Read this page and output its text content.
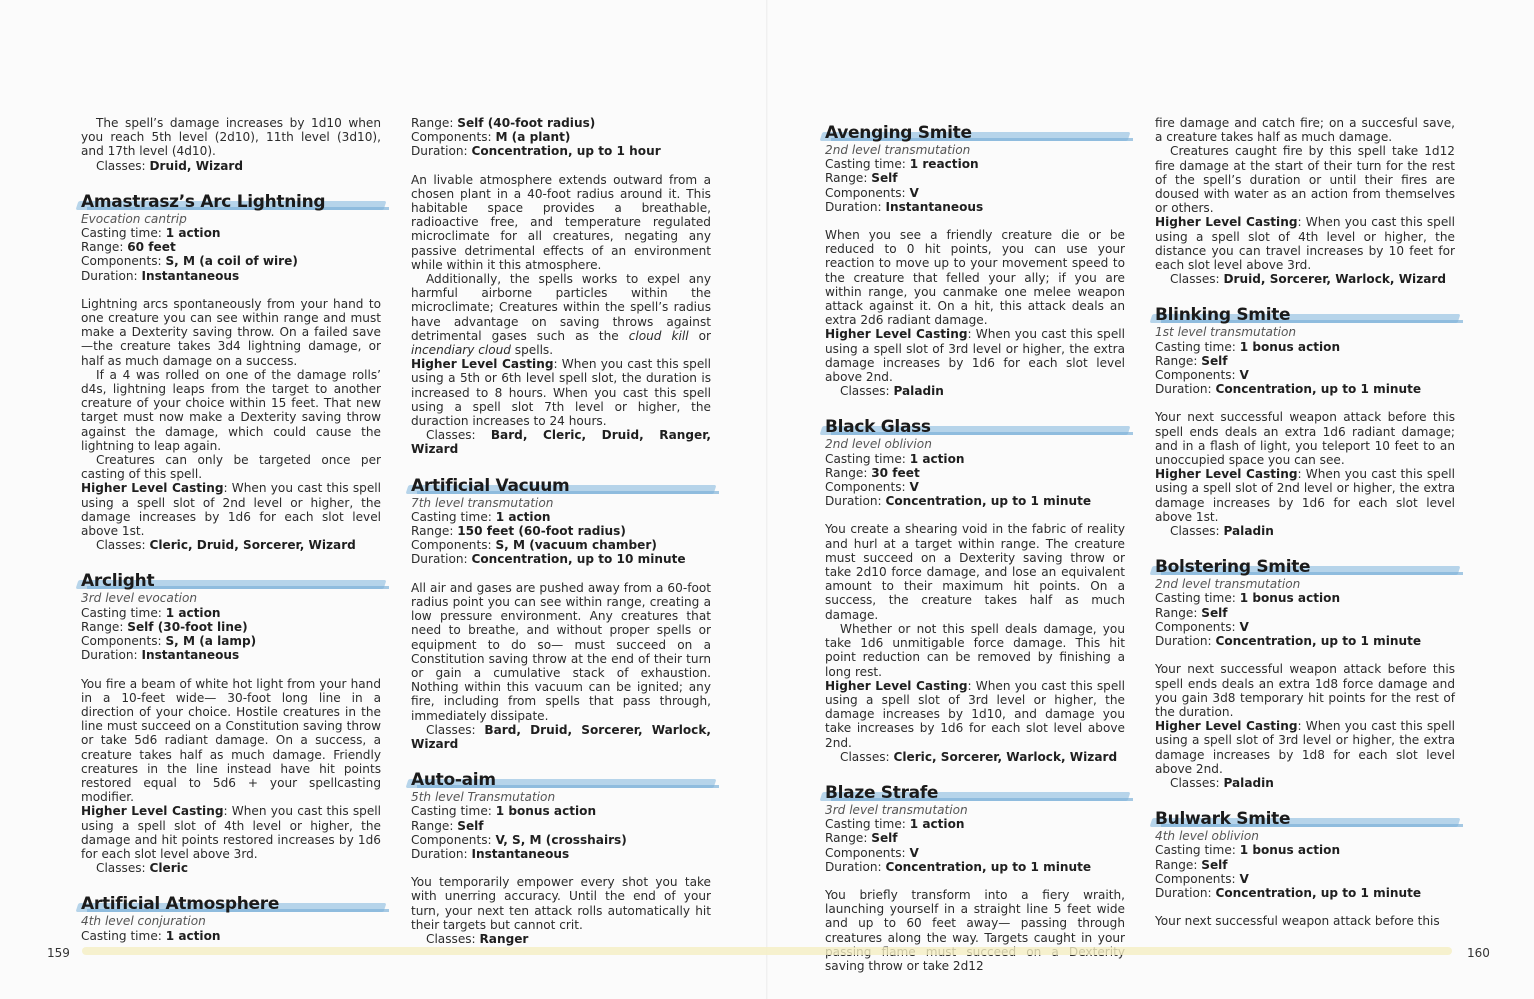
The spell’s damage increases by 1d10 when you reach 5th level (2d10), 11th level (3d10), and 17th level (4d10).

Classes: Druid, Wizard

Amastrasz’s Arc Lightning

Evocation cantrip

Casting time: 1 action

Range: 60 feet

Components: S, M (a coil of wire)

Duration: Instantaneous

Lightning arcs spontaneously from your hand to one creature you can see within range and must make a Dexterity saving throw. On a failed save—the creature takes 3d4 lightning damage, or half as much damage on a success.

If a 4 was rolled on one of the damage rolls’ d4s, lightning leaps from the target to another creature of your choice within 15 feet. That new target must now make a Dexterity saving throw against the damage, which could cause the lightning to leap again.

Creatures can only be targeted once per casting of this spell.

Higher Level Casting: When you cast this spell using a spell slot of 2nd level or higher, the damage increases by 1d6 for each slot level above 1st.

Classes: Cleric, Druid, Sorcerer, Wizard

Arclight

3rd level evocation

Casting time: 1 action

Range: Self (30-foot line)

Components: S, M (a lamp)

Duration: Instantaneous

You fire a beam of white hot light from your hand in a 10-feet wide— 30-foot long line in a direction of your choice. Hostile creatures in the line must succeed on a Constitution saving throw or take 5d6 radiant damage. On a success, a creature takes half as much damage. Friendly creatures in the line instead have hit points restored equal to 5d6 + your spellcasting modifier.

Higher Level Casting: When you cast this spell using a spell slot of 4th level or higher, the damage and hit points restored increases by 1d6 for each slot level above 3rd.

Classes: Cleric

Artificial Atmosphere

4th level conjuration

Casting time: 1 action

Range: Self (40-foot radius)

Components: M (a plant)

Duration: Concentration, up to 1 hour

An livable atmosphere extends outward from a chosen plant in a 40-foot radius around it. This habitable space provides a breathable, radioactive free, and temperature regulated microclimate for all creatures, negating any passive detrimental effects of an environment while within it this atmosphere.

Additionally, the spells works to expel any harmful airborne particles within the microclimate; Creatures within the spell’s radius have advantage on saving throws against detrimental gases such as the cloud kill or incendiary cloud spells.

Higher Level Casting: When you cast this spell using a 5th or 6th level spell slot, the duration is increased to 8 hours. When you cast this spell using a spell slot 7th level or higher, the duraction increases to 24 hours.

Classes: Bard, Cleric, Druid, Ranger, Wizard

Artificial Vacuum

7th level transmutation

Casting time: 1 action

Range: 150 feet (60-foot radius)

Components: S, M (vacuum chamber)

Duration: Concentration, up to 10 minute

All air and gases are pushed away from a 60-foot radius point you can see within range, creating a low pressure environment. Any creatures that need to breathe, and without proper spells or equipment to do so— must succeed on a Constitution saving throw at the end of their turn or gain a cumulative stack of exhaustion. Nothing within this vacuum can be ignited; any fire, including from spells that pass through, immediately dissipate.

Classes: Bard, Druid, Sorcerer, Warlock, Wizard

Auto-aim

5th level Transmutation

Casting time: 1 bonus action

Range: Self

Components: V, S, M (crosshairs)

Duration: Instantaneous

You temporarily empower every shot you take with unerring accuracy. Until the end of your turn, your next ten attack rolls automatically hit their targets but cannot crit.

Classes: Ranger

Avenging Smite

2nd level transmutation

Casting time: 1 reaction

Range: Self

Components: V

Duration: Instantaneous

When you see a friendly creature die or be reduced to 0 hit points, you can use your reaction to move up to your movement speed to the creature that felled your ally; if you are within range, you canmake one melee weapon attack against it. On a hit, this attack deals an extra 2d6 radiant damage.

Higher Level Casting: When you cast this spell using a spell slot of 3rd level or higher, the extra damage increases by 1d6 for each slot level above 2nd.

Classes: Paladin

Black Glass

2nd level oblivion

Casting time: 1 action

Range: 30 feet

Components: V

Duration: Concentration, up to 1 minute

You create a shearing void in the fabric of reality and hurl at a target within range. The creature must succeed on a Dexterity saving throw or take 2d10 force damage, and lose an equivalent amount to their maximum hit points. On a success, the creature takes half as much damage.

Whether or not this spell deals damage, you take 1d6 unmitigable force damage. This hit point reduction can be removed by finishing a long rest.

Higher Level Casting: When you cast this spell using a spell slot of 3rd level or higher, the damage increases by 1d10, and damage you take increases by 1d6 for each slot level above 2nd.

Classes: Cleric, Sorcerer, Warlock, Wizard

Blaze Strafe

3rd level transmutation

Casting time: 1 action

Range: Self

Components: V

Duration: Concentration, up to 1 minute

You briefly transform into a fiery wraith, launching yourself in a straight line 5 feet wide and up to 60 feet away— passing through creatures along the way. Targets caught in your saving throw or take 2d12

fire damage and catch fire; on a succesful save, a creature takes half as much damage.

Creatures caught fire by this spell take 1d12 fire damage at the start of their turn for the rest of the spell’s duration or until their fires are doused with water as an action from themselves or others.

Higher Level Casting: When you cast this spell using a spell slot of 4th level or higher, the distance you can travel increases by 10 feet for each slot level above 3rd.

Classes: Druid, Sorcerer, Warlock, Wizard

Blinking Smite

1st level transmutation

Casting time: 1 bonus action

Range: Self

Components: V

Duration: Concentration, up to 1 minute

Your next successful weapon attack before this spell ends deals an extra 1d6 radiant damage; and in a flash of light, you teleport 10 feet to an unoccupied space you can see.

Higher Level Casting: When you cast this spell using a spell slot of 2nd level or higher, the extra damage increases by 1d6 for each slot level above 1st.

Classes: Paladin

Bolstering Smite

2nd level transmutation

Casting time: 1 bonus action

Range: Self

Components: V

Duration: Concentration, up to 1 minute

Your next successful weapon attack before this spell ends deals an extra 1d8 force damage and you gain 3d8 temporary hit points for the rest of the duration.

Higher Level Casting: When you cast this spell using a spell slot of 3rd level or higher, the extra damage increases by 1d8 for each slot level above 2nd.

Classes: Paladin

Bulwark Smite

4th level oblivion

Casting time: 1 bonus action

Range: Self

Components: V

Duration: Concentration, up to 1 minute

Your next successful weapon attack before this

159	160
